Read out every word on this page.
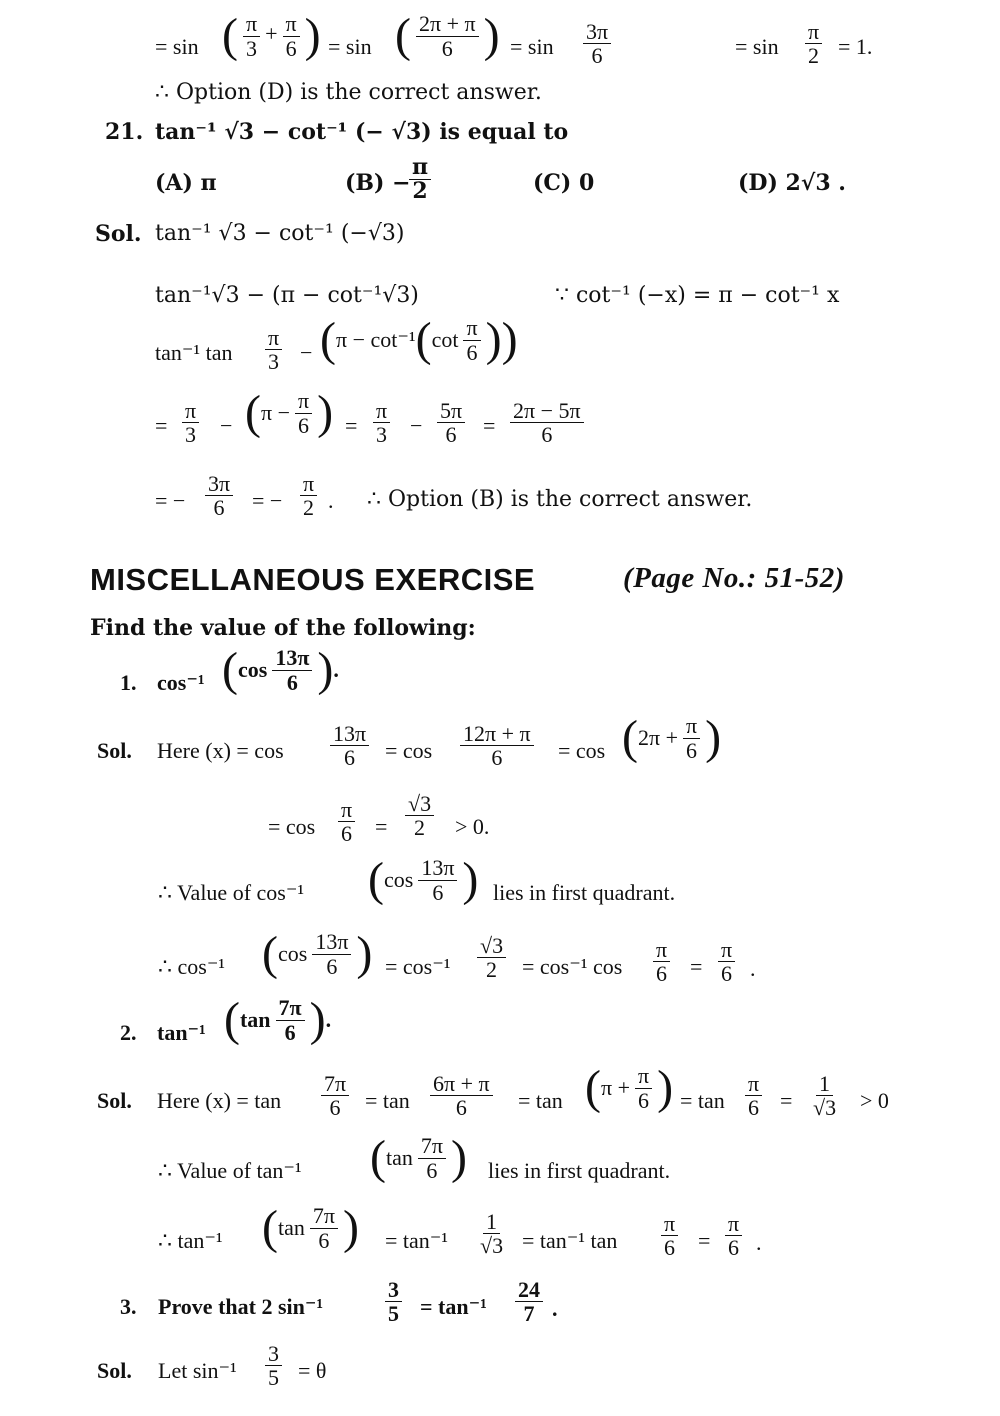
= sin ( $\frac{\pi}{3} + \frac{\pi}{6}$ ) = sin ( $\frac{2\pi + \pi}{6}$ ) = $\sin \frac{3\pi}{6}$	= $\sin \frac{\pi}{2} = 1$.
∴ Option (D) is the correct answer.
21. tan⁻¹ √3 − cot⁻¹ (− √3) is equal to
(A) π	(B) −
$\frac{\pi}{2}$	(C) 0	(D) 2√3 .
Sol. tan⁻¹ √3 − cot⁻¹ (−√3)
tan⁻¹√3 − (π − cot⁻¹√3)	∵ cot⁻¹ (−x) = π − cot⁻¹ x
tan⁻¹ $\tan \frac{\pi}{3} - (\pi - \cot^{-1}(\cot \frac{\pi}{6}$ ))
= $\frac{\pi}{3} - (\pi - \frac{\pi}{6}$ ) = $\frac{\pi}{3} - \frac{5\pi}{6} = \frac{2\pi - 5\pi}{6}$
= − $\frac{3\pi}{6}$ = − $\frac{\pi}{2}$ . ∴ Option (B) is the correct answer.
MISCELLANEOUS EXERCISE	(Page No.: 51-52)
Find the value of the following:
1. cos⁻¹ ($\cos \frac{13\pi}{6}$ ).
Sol. Here $(x) = \cos \frac{13\pi}{6} = \cos \frac{12\pi + \pi}{6} = \cos (2\pi + \frac{\pi}{6}$ )
= $\cos \frac{\pi}{6} = \frac{√3}{2} > 0$.
∴ Value of cos⁻¹ ($\cos \frac{13\pi}{6}$ ) lies in first quadrant.
∴ cos⁻¹ ($\cos \frac{13\pi}{6}$ ) = $\cos^{-1} \frac{√3}{2} = \cos^{-1}$ $\cos \frac{\pi}{6} = \frac{\pi}{6}$ .
2. tan⁻¹ ($\tan \frac{7\pi}{6}$ ).
Sol. Here $(x) = \tan \frac{7\pi}{6} = \tan \frac{6\pi + \pi}{6} = \tan (\pi + \frac{\pi}{6}$ ) = $\tan \frac{\pi}{6} = \frac{1}{√3} > 0$
∴ Value of tan⁻¹ ($\tan \frac{7\pi}{6}$ ) lies in first quadrant.
∴ tan⁻¹ ($\tan \frac{7\pi}{6}$ ) = $\tan^{-1} \frac{1}{√3} = \tan^{-1}$ $\tan \frac{\pi}{6} = \frac{\pi}{6}$ .
3. Prove that 2 sin⁻¹	$\frac{3}{5} = \tan^{-1} \frac{24}{7}$ .
Sol. Let $\sin^{-1} \frac{3}{5} = \theta$
